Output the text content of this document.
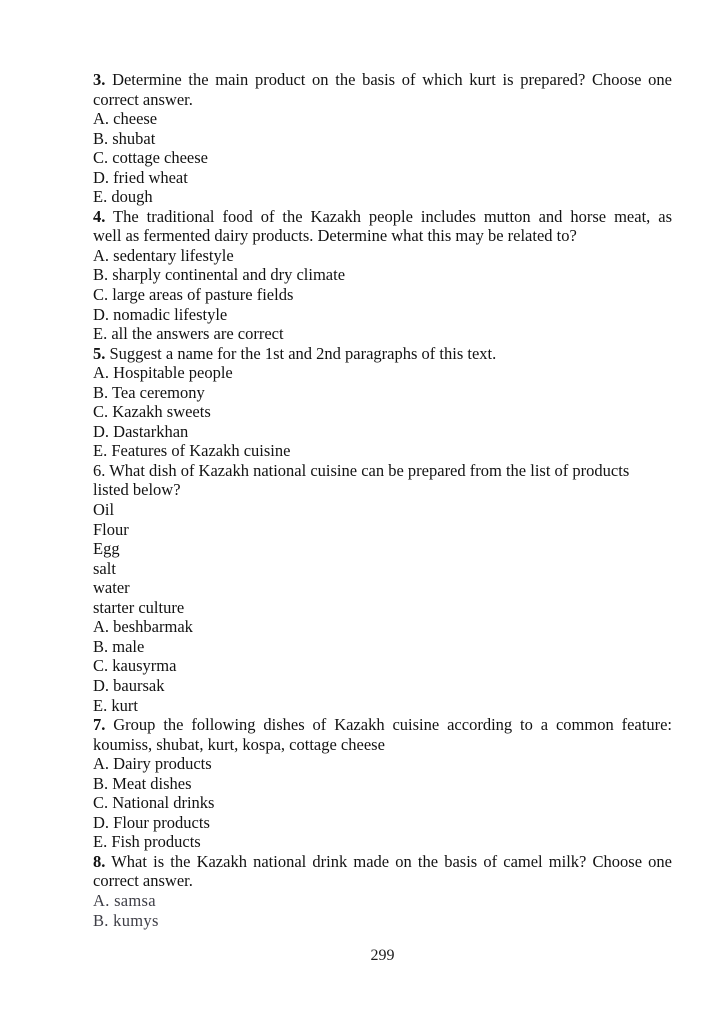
3. Determine the main product on the basis of which kurt is prepared? Choose one
correct answer.
A. cheese
B. shubat
C. cottage cheese
D. fried wheat
E. dough
4. The traditional food of the Kazakh people includes mutton and horse meat, as
well as fermented dairy products. Determine what this may be related to?
A. sedentary lifestyle
B. sharply continental and dry climate
C. large areas of pasture fields
D. nomadic lifestyle
E. all the answers are correct
5. Suggest a name for the 1st and 2nd paragraphs of this text.
A. Hospitable people
B. Tea ceremony
C. Kazakh sweets
D. Dastarkhan
E. Features of Kazakh cuisine
6. What dish of Kazakh national cuisine can be prepared from the list of products
listed below?
Oil
Flour
Egg
salt
water
starter culture
A. beshbarmak
B. male
C. kausyrma
D. baursak
E. kurt
7. Group the following dishes of Kazakh cuisine according to a common feature:
koumiss, shubat, kurt, kospa, cottage cheese
A. Dairy products
B. Meat dishes
C. National drinks
D. Flour products
E. Fish products
8. What is the Kazakh national drink made on the basis of camel milk? Choose one
correct answer.
A. samsa
B. kumys
299
